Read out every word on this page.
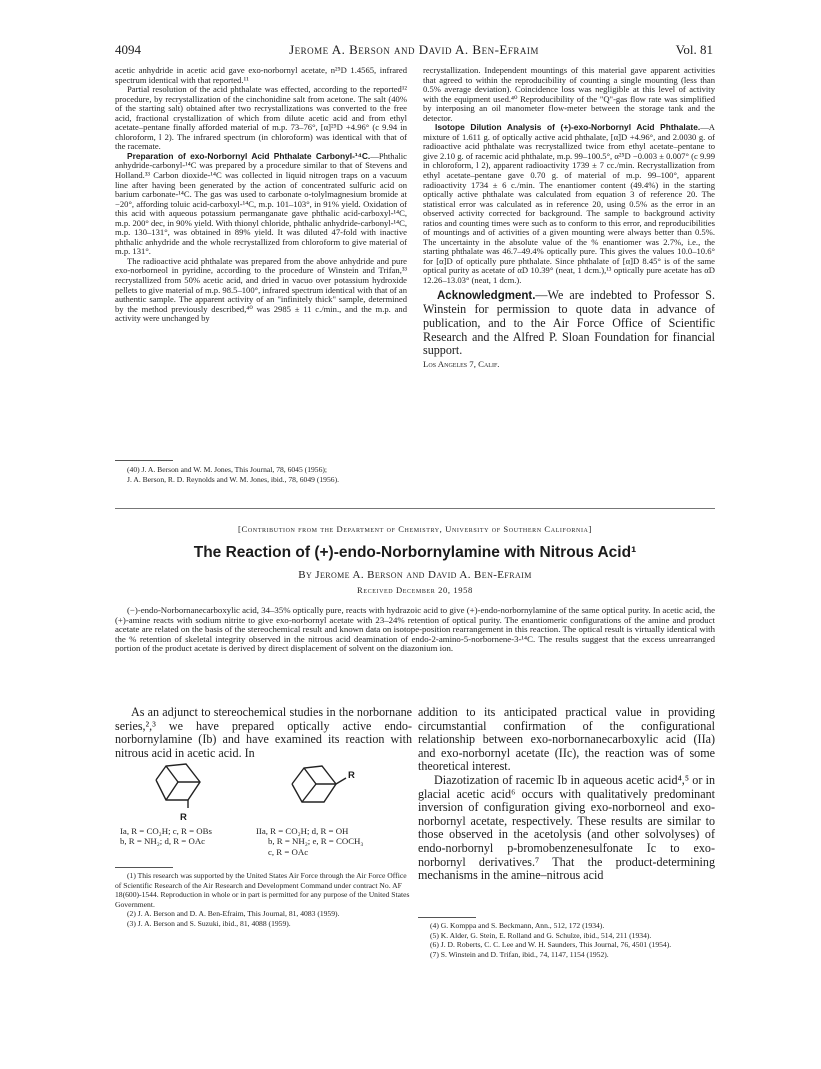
4094	Jerome A. Berson and David A. Ben-Efraim	Vol. 81

acetic anhydride in acetic acid gave exo-norbornyl acetate, n²⁵D 1.4565, infrared spectrum identical with that reported.¹¹

Partial resolution of the acid phthalate was effected, according to the reported¹² procedure, by recrystallization of the cinchonidine salt from acetone. The salt (40% of the starting salt) obtained after two recrystallizations was converted to the free acid, fractional crystallization of which from dilute acetic acid and from ethyl acetate–pentane finally afforded material of m.p. 73–76°, [α]²⁵D +4.96° (c 9.94 in chloroform, l 2). The infrared spectrum (in chloroform) was identical with that of the racemate.

Preparation of exo-Norbornyl Acid Phthalate Carbonyl-¹⁴C.—Phthalic anhydride-carbonyl-¹⁴C was prepared by a procedure similar to that of Stevens and Holland.³³ Carbon dioxide-¹⁴C was collected in liquid nitrogen traps on a vacuum line after having been generated by the action of concentrated sulfuric acid on barium carbonate-¹⁴C. The gas was used to carbonate o-tolylmagnesium bromide at −20°, affording toluic acid-carboxyl-¹⁴C, m.p. 101–103°, in 91% yield. Oxidation of this acid with aqueous potassium permanganate gave phthalic acid-carboxyl-¹⁴C, m.p. 200° dec, in 90% yield. With thionyl chloride, phthalic anhydride-carbonyl-¹⁴C, m.p. 130–131°, was obtained in 89% yield. It was diluted 47-fold with inactive phthalic anhydride and the whole recrystallized from chloroform to give material of m.p. 131°.

The radioactive acid phthalate was prepared from the above anhydride and pure exo-norborneol in pyridine, according to the procedure of Winstein and Trifan,³³ recrystallized from 50% acetic acid, and dried in vacuo over potassium hydroxide pellets to give material of m.p. 98.5–100°, infrared spectrum identical with that of an authentic sample. The apparent activity of an "infinitely thick" sample, determined by the method previously described,⁴⁰ was 2985 ± 11 c./min., and the m.p. and activity were unchanged by

(40) J. A. Berson and W. M. Jones, This Journal, 78, 6045 (1956);

J. A. Berson, R. D. Reynolds and W. M. Jones, ibid., 78, 6049 (1956).

recrystallization. Independent mountings of this material gave apparent activities that agreed to within the reproducibility of counting a single mounting (less than 0.5% average deviation). Coincidence loss was negligible at this level of activity with the equipment used.⁴⁰ Reproducibility of the "Q"-gas flow rate was simplified by interposing an oil manometer flow-meter between the storage tank and the detector.

Isotope Dilution Analysis of (+)-exo-Norbornyl Acid Phthalate.—A mixture of 1.611 g. of optically active acid phthalate, [α]D +4.96°, and 2.0030 g. of radioactive acid phthalate was recrystallized twice from ethyl acetate–pentane to give 2.10 g. of racemic acid phthalate, m.p. 99–100.5°, α²⁵D −0.003 ± 0.007° (c 9.99 in chloroform, l 2), apparent radioactivity 1739 ± 7 cc./min. Recrystallization from ethyl acetate–pentane gave 0.70 g. of material of m.p. 99–100°, apparent radioactivity 1734 ± 6 c./min. The enantiomer content (49.4%) in the starting optically active phthalate was calculated from equation 3 of reference 20. The statistical error was calculated as in reference 20, using 0.5% as the error in an observed activity corrected for background. The sample to background activity ratios and counting times were such as to conform to this error, and reproducibilities of mountings and of activities of a given mounting were always better than 0.5%. The uncertainty in the absolute value of the % enantiomer was 2.7%, i.e., the starting phthalate was 46.7–49.4% optically pure. This gives the values 10.0–10.6° for [α]D of optically pure phthalate. Since phthalate of [α]D 8.45° is of the same optical purity as acetate of αD 10.39° (neat, 1 dcm.),¹³ optically pure acetate has αD 12.26–13.03° (neat, 1 dcm.).

Acknowledgment.—We are indebted to Professor S. Winstein for permission to quote data in advance of publication, and to the Air Force Office of Scientific Research and the Alfred P. Sloan Foundation for financial support.
Los Angeles 7, Calif.
[Contribution from the Department of Chemistry, University of Southern California]
The Reaction of (+)-endo-Norbornylamine with Nitrous Acid¹
By Jerome A. Berson and David A. Ben-Efraim
Received December 20, 1958

(−)-endo-Norbornanecarboxylic acid, 34–35% optically pure, reacts with hydrazoic acid to give (+)-endo-norbornylamine of the same optical purity. In acetic acid, the (+)-amine reacts with sodium nitrite to give exo-norbornyl acetate with 23–24% retention of optical purity. The enantiomeric configurations of the amine and product acetate are related on the basis of the stereochemical result and known data on isotope-position rearrangement in this reaction. The optical result is virtually identical with the % retention of skeletal integrity observed in the nitrous acid deamination of endo-2-amino-5-norbornene-3-¹⁴C. The results suggest that the excess unrearranged portion of the product acetate is derived by direct displacement of solvent on the diazonium ion.

As an adjunct to stereochemical studies in the norbornane series,²,³ we have prepared optically active endo-norbornylamine (Ib) and have examined its reaction with nitrous acid in acetic acid. In

R
R
Ia, R = CO₂H; c, R = OBs
b, R = NH₂; d, R = OAc
IIa, R = CO₂H; d, R = OH
b, R = NH₂; e, R = COCH₃
c, R = OAc

(1) This research was supported by the United States Air Force through the Air Force Office of Scientific Research of the Air Research and Development Command under contract No. AF 18(600)-1544. Reproduction in whole or in part is permitted for any purpose of the United States Government.

(2) J. A. Berson and D. A. Ben-Efraim, This Journal, 81, 4083 (1959).

(3) J. A. Berson and S. Suzuki, ibid., 81, 4088 (1959).

addition to its anticipated practical value in providing circumstantial confirmation of the configurational relationship between exo-norbornanecarboxylic acid (IIa) and exo-norbornyl acetate (IIc), the reaction was of some theoretical interest.

Diazotization of racemic Ib in aqueous acetic acid⁴,⁵ or in glacial acetic acid⁶ occurs with qualitatively predominant inversion of configuration giving exo-norborneol and exo-norbornyl acetate, respectively. These results are similar to those observed in the acetolysis (and other solvolyses) of endo-norbornyl p-bromobenzenesulfonate Ic to exo-norbornyl derivatives.⁷ That the product-determining mechanisms in the amine–nitrous acid

(4) G. Komppa and S. Beckmann, Ann., 512, 172 (1934).

(5) K. Alder, G. Stein, E. Rolland and G. Schulze, ibid., 514, 211 (1934).

(6) J. D. Roberts, C. C. Lee and W. H. Saunders, This Journal, 76, 4501 (1954).

(7) S. Winstein and D. Trifan, ibid., 74, 1147, 1154 (1952).
